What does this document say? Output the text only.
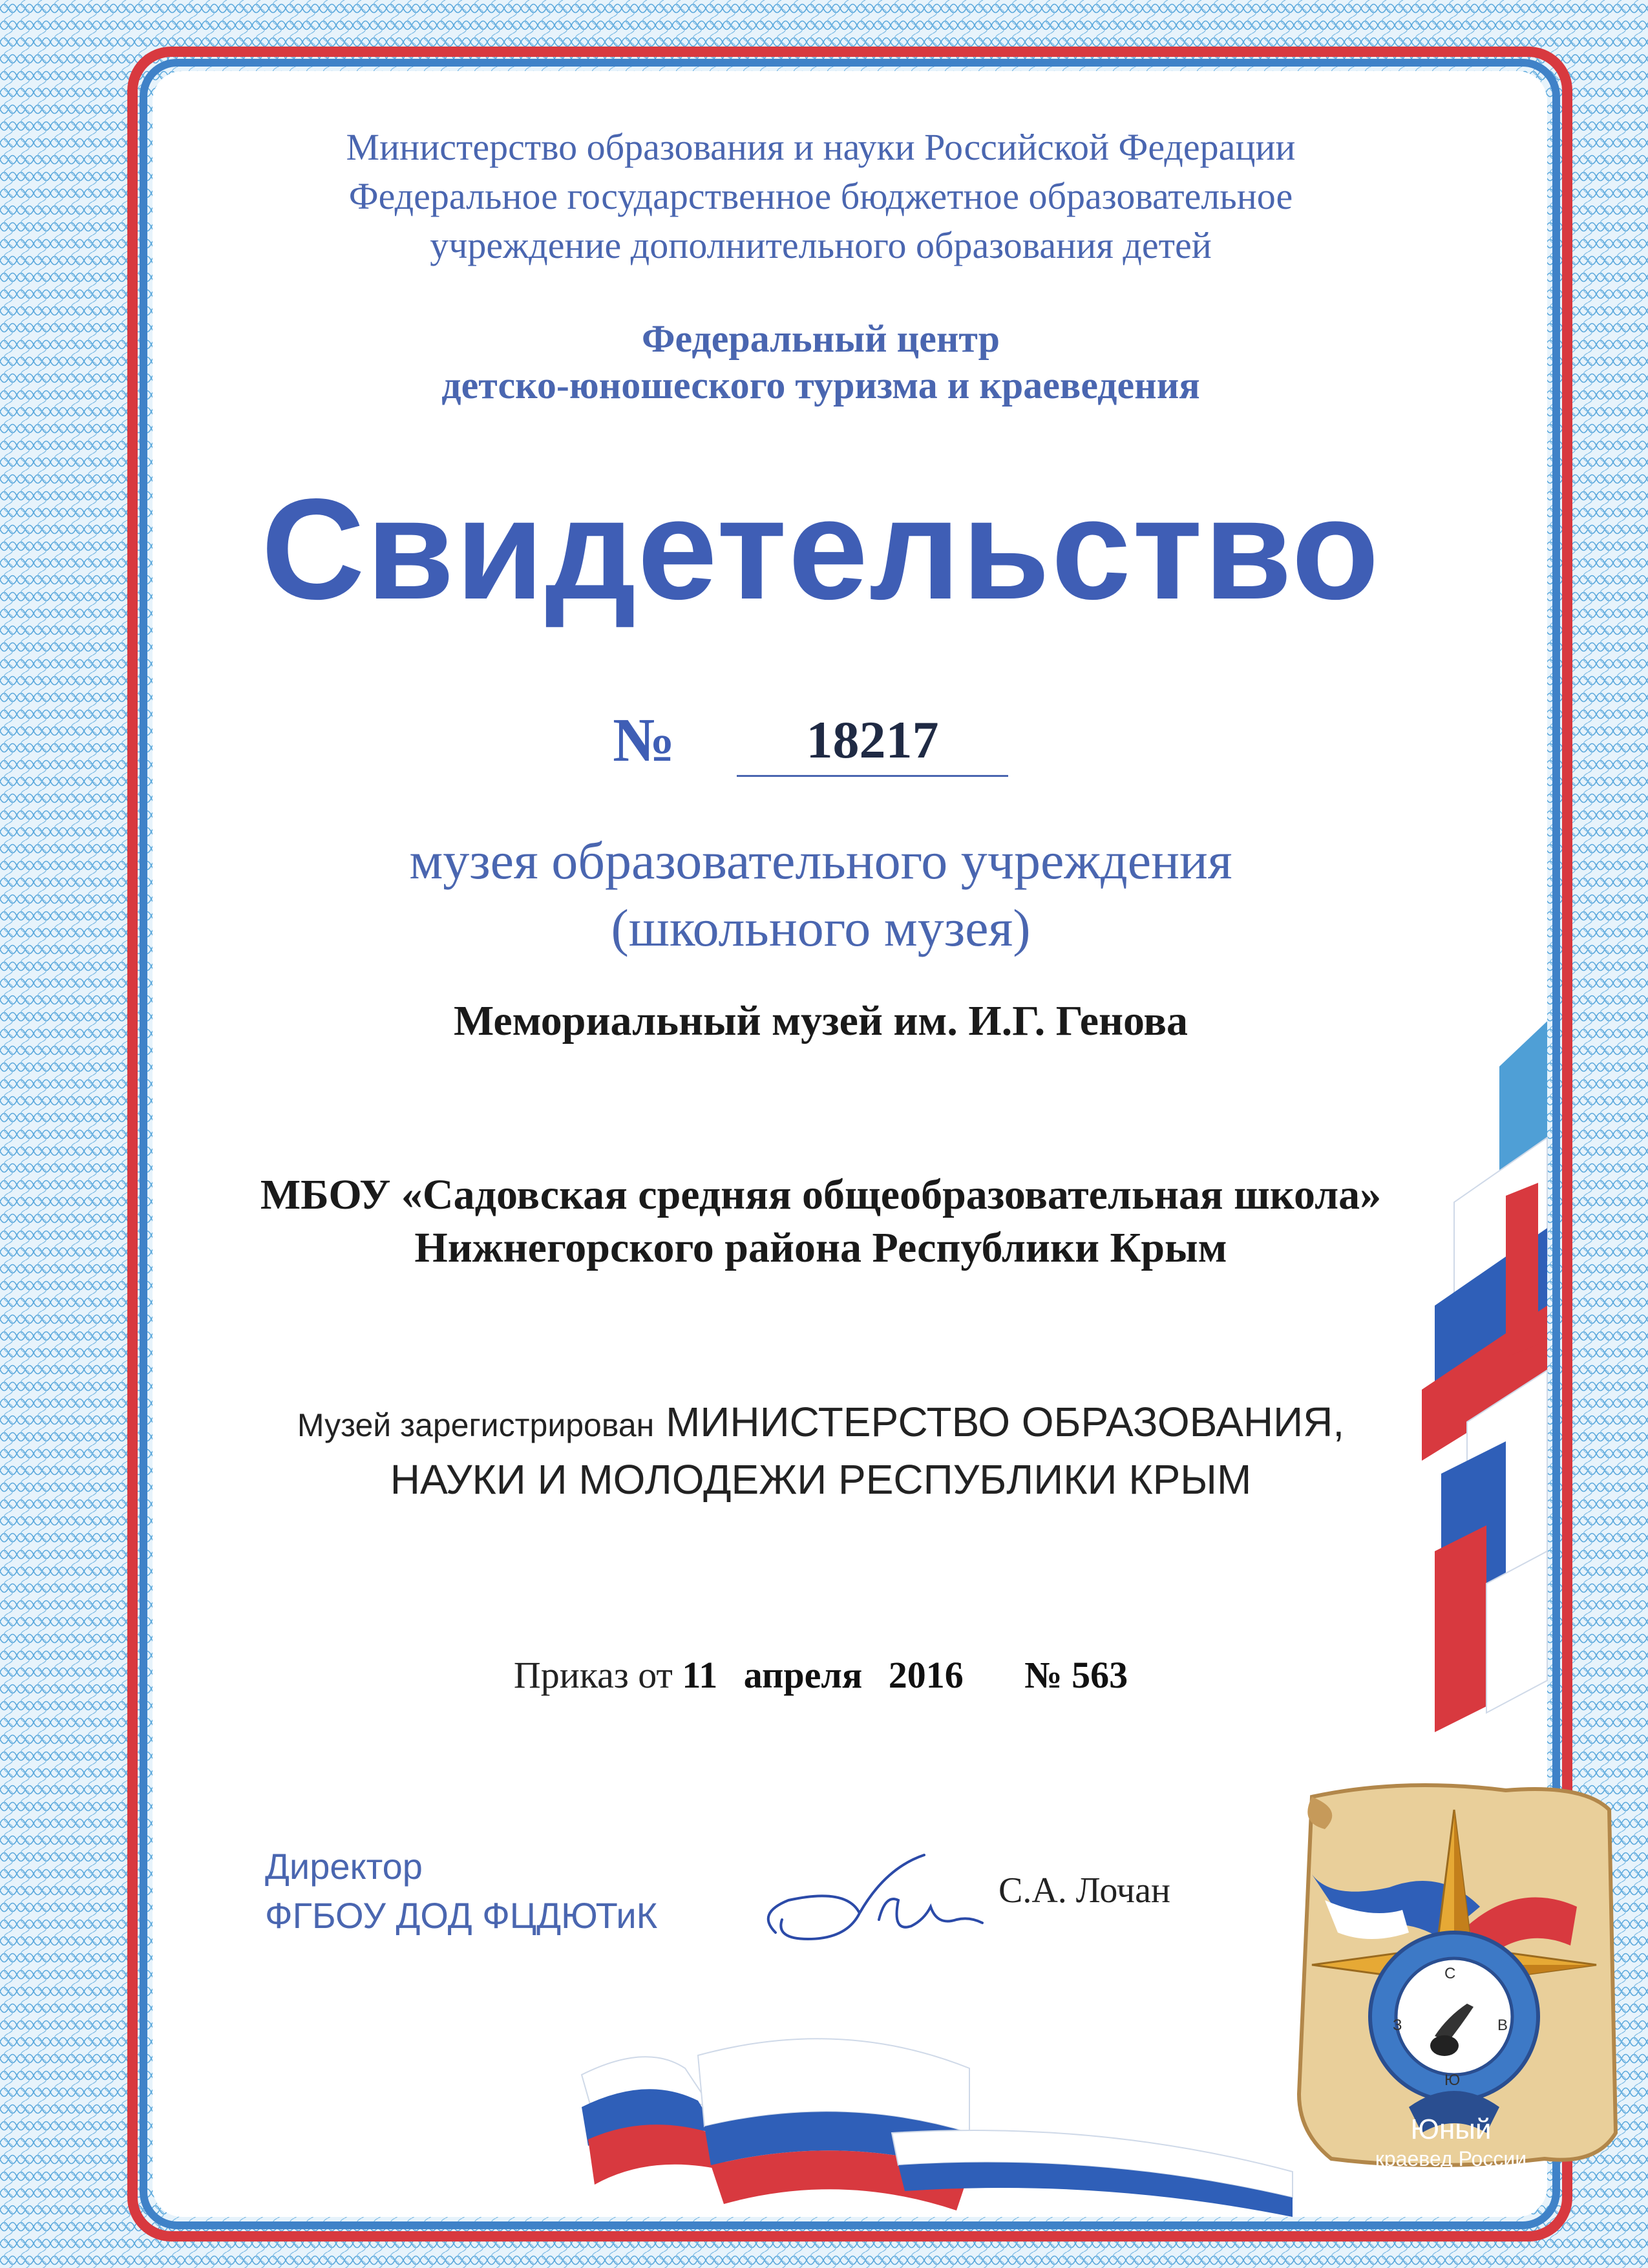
Министерство образования и науки Российской Федерации
Федеральное государственное бюджетное образовательное
учреждение дополнительного образования детей
Федеральный центр
детско-юношеского туризма и краеведения
Свидетельство
№	18217
музея образовательного учреждения
(школьного музея)
Мемориальный музей им. И.Г. Генова
МБОУ «Садовская средняя общеобразовательная школа»
Нижнегорского района Республики Крым
Музей зарегистрирован МИНИСТЕРСТВО ОБРАЗОВАНИЯ,
НАУКИ И МОЛОДЕЖИ РЕСПУБЛИКИ КРЫМ
Приказ от 11 апреля 2016 № 563
Директор
ФГБОУ ДОД ФЦДЮТиК
С.А. Лочан
С
З	В
Ю
Юный
краевед России
